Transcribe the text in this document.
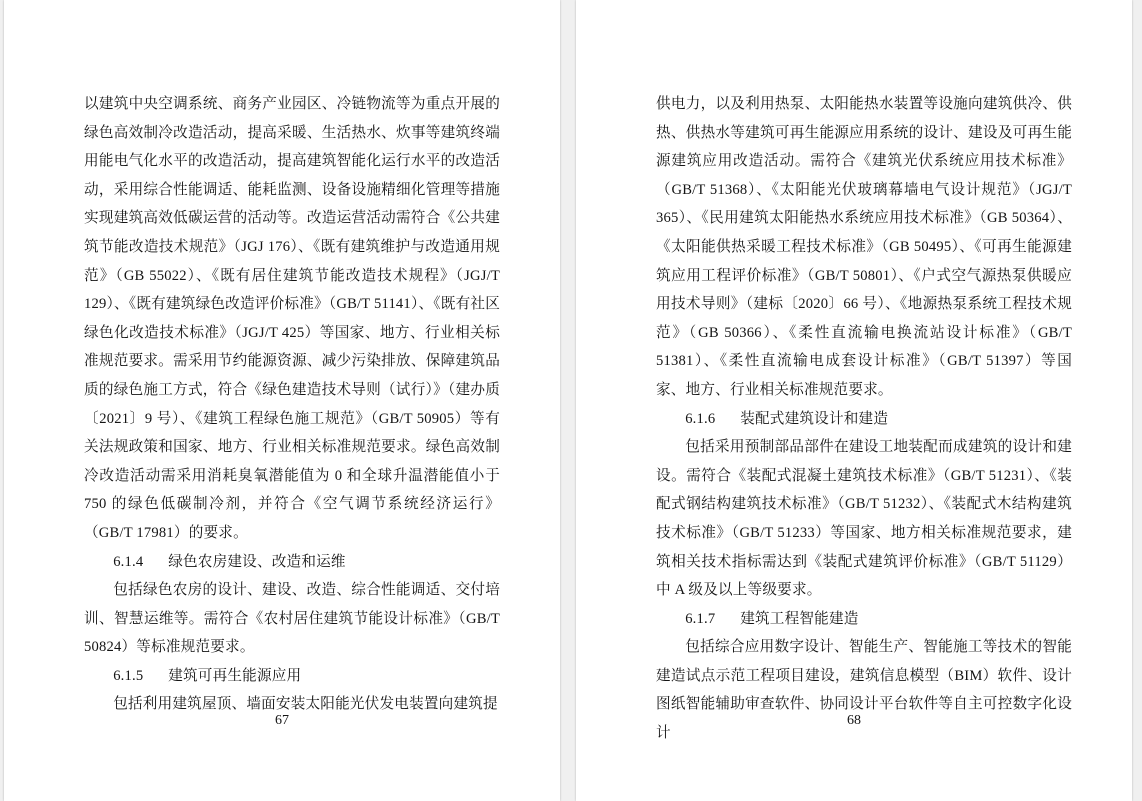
以建筑中央空调系统、商务产业园区、冷链物流等为重点开展的绿色高效制冷改造活动，提高采暖、生活热水、炊事等建筑终端用能电气化水平的改造活动，提高建筑智能化运行水平的改造活动，采用综合性能调适、能耗监测、设备设施精细化管理等措施实现建筑高效低碳运营的活动等。改造运营活动需符合《公共建筑节能改造技术规范》（JGJ 176）、《既有建筑维护与改造通用规范》（GB 55022）、《既有居住建筑节能改造技术规程》（JGJ/T 129）、《既有建筑绿色改造评价标准》（GB/T 51141）、《既有社区绿色化改造技术标准》（JGJ/T 425）等国家、地方、行业相关标准规范要求。需采用节约能源资源、减少污染排放、保障建筑品质的绿色施工方式，符合《绿色建造技术导则（试行）》（建办质〔2021〕9 号）、《建筑工程绿色施工规范》（GB/T 50905）等有关法规政策和国家、地方、行业相关标准规范要求。绿色高效制冷改造活动需采用消耗臭氧潜能值为 0 和全球升温潜能值小于 750 的绿色低碳制冷剂，并符合《空气调节系统经济运行》（GB/T 17981）的要求。

6.1.4 绿色农房建设、改造和运维

包括绿色农房的设计、建设、改造、综合性能调适、交付培训、智慧运维等。需符合《农村居住建筑节能设计标准》（GB/T 50824）等标准规范要求。

6.1.5 建筑可再生能源应用

包括利用建筑屋顶、墙面安装太阳能光伏发电装置向建筑提

67

供电力，以及利用热泵、太阳能热水装置等设施向建筑供冷、供热、供热水等建筑可再生能源应用系统的设计、建设及可再生能源建筑应用改造活动。需符合《建筑光伏系统应用技术标准》（GB/T 51368）、《太阳能光伏玻璃幕墙电气设计规范》（JGJ/T 365）、《民用建筑太阳能热水系统应用技术标准》（GB 50364）、《太阳能供热采暖工程技术标准》（GB 50495）、《可再生能源建筑应用工程评价标准》（GB/T 50801）、《户式空气源热泵供暖应用技术导则》（建标〔2020〕66 号）、《地源热泵系统工程技术规范》（GB 50366）、《柔性直流输电换流站设计标准》（GB/T 51381）、《柔性直流输电成套设计标准》（GB/T 51397）等国家、地方、行业相关标准规范要求。

6.1.6 装配式建筑设计和建造

包括采用预制部品部件在建设工地装配而成建筑的设计和建设。需符合《装配式混凝土建筑技术标准》（GB/T 51231）、《装配式钢结构建筑技术标准》（GB/T 51232）、《装配式木结构建筑技术标准》（GB/T 51233）等国家、地方相关标准规范要求，建筑相关技术指标需达到《装配式建筑评价标准》（GB/T 51129）中 A 级及以上等级要求。

6.1.7 建筑工程智能建造

包括综合应用数字设计、智能生产、智能施工等技术的智能建造试点示范工程项目建设，建筑信息模型（BIM）软件、设计图纸智能辅助审查软件、协同设计平台软件等自主可控数字化设计

68
